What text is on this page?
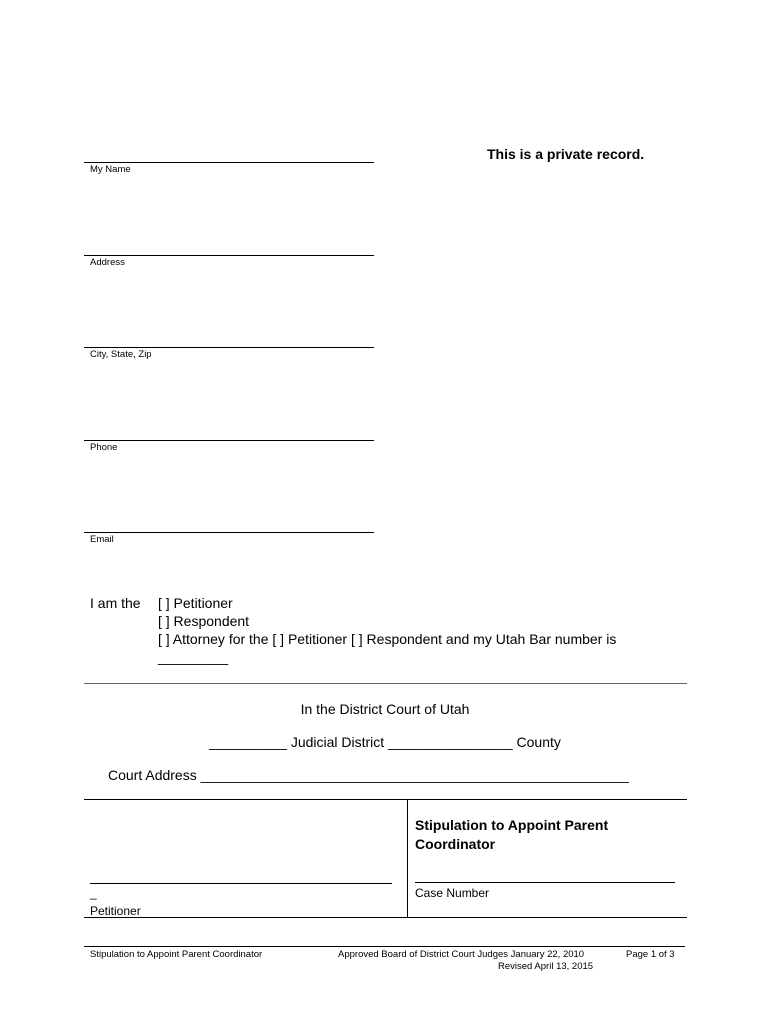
This is a private record.
My Name
Address
City, State, Zip
Phone
Email
I am the [ ] Petitioner
[ ] Respondent
[ ] Attorney for the [ ] Petitioner [ ] Respondent and my Utah Bar number is
_________
In the District Court of Utah
__________ Judicial District ________________ County
Court Address _______________________________________________________
Stipulation to Appoint Parent Coordinator
_
Petitioner
Case Number
Stipulation to Appoint Parent Coordinator	Approved Board of District Court Judges January 22, 2010
Revised April 13, 2015
Page 1 of 3
